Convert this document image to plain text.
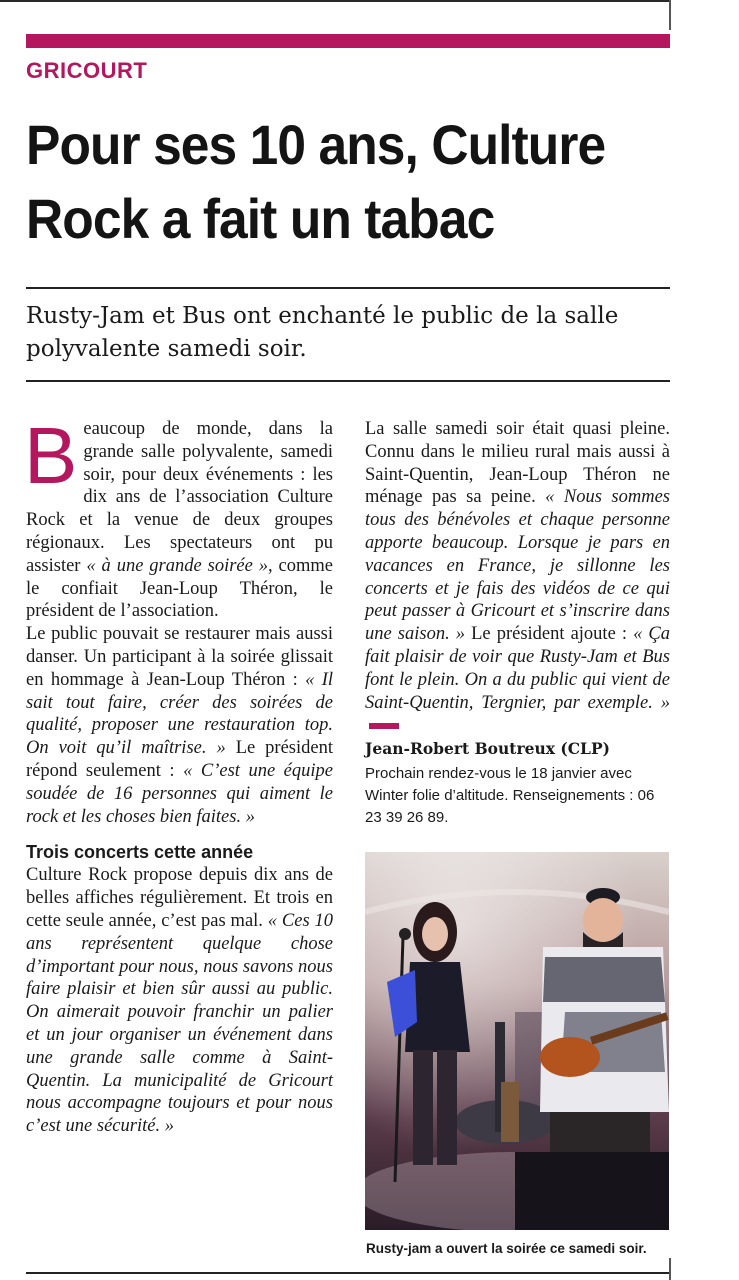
GRICOURT
Pour ses 10 ans, Culture Rock a fait un tabac

Rusty-Jam et Bus ont enchanté le public de la salle polyvalente samedi soir.

Beaucoup de monde, dans la grande salle polyvalente, samedi soir, pour deux événements : les dix ans de l’association Culture Rock et la venue de deux groupes régionaux. Les spectateurs ont pu assister « à une grande soirée », comme le confiait Jean-Loup Théron, le président de l’association.

Le public pouvait se restaurer mais aussi danser. Un participant à la soirée glissait en hommage à Jean-Loup Théron : « Il sait tout faire, créer des soirées de qualité, proposer une restauration top. On voit qu’il maîtrise. » Le président répond seulement : « C’est une équipe soudée de 16 personnes qui aiment le rock et les choses bien faites. »

Trois concerts cette année

Culture Rock propose depuis dix ans de belles affiches régulièrement. Et trois en cette seule année, c’est pas mal. « Ces 10 ans représentent quelque chose d’important pour nous, nous savons nous faire plaisir et bien sûr aussi au public. On aimerait pouvoir franchir un palier et un jour organiser un événement dans une grande salle comme à Saint-Quentin. La municipalité de Gricourt nous accompagne toujours et pour nous c’est une sécurité. »

La salle samedi soir était quasi pleine. Connu dans le milieu rural mais aussi à Saint-Quentin, Jean-Loup Théron ne ménage pas sa peine. « Nous sommes tous des bénévoles et chaque personne apporte beaucoup. Lorsque je pars en vacances en France, je sillonne les concerts et je fais des vidéos de ce qui peut passer à Gricourt et s’inscrire dans une saison. » Le président ajoute : « Ça fait plaisir de voir que Rusty-Jam et Bus font le plein. On a du public qui vient de Saint-Quentin, Tergnier, par exemple. »

Jean-Robert Boutreux (CLP)

Prochain rendez-vous le 18 janvier avec Winter folie d’altitude. Renseignements : 06 23 39 26 89.

Rusty-jam a ouvert la soirée ce samedi soir.
